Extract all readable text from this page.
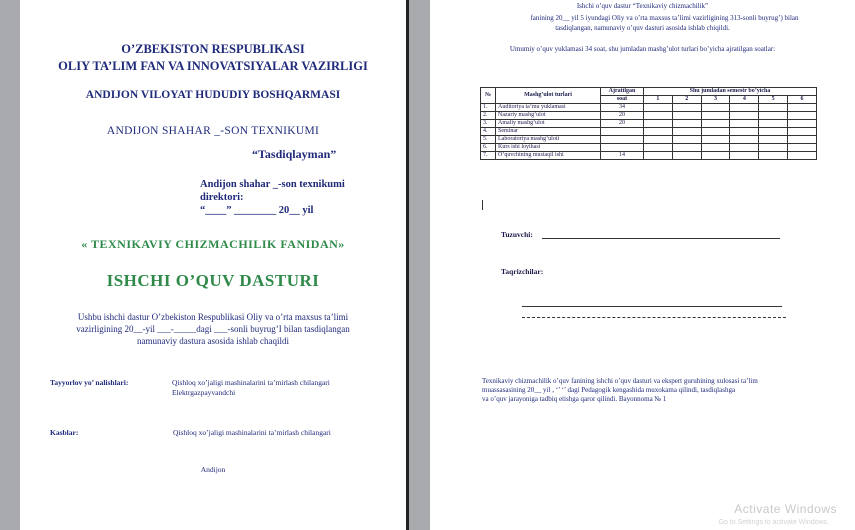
O’ZBEKISTON RESPUBLIKASI
OLIY TA’LIM FAN VA INNOVATSIYALAR VAZIRLIGI
ANDIJON VILOYAT HUDUDIY BOSHQARMASI
ANDIJON SHAHAR _-SON TEXNIKUMI
“Tasdiqlayman”
Andijon shahar _-son texnikumi
direktori:
“____” ________ 20__ yil
« TEXNIKAVIY CHIZMACHILIK FANIDAN»
ISHCHI O’QUV DASTURI
Ushbu ishchi dastur O’zbekiston Respublikasi Oliy va o’rta maxsus ta’limi
vazirligining 20__-yil ___-_____dagi ___-sonli buyrug’I bilan tasdiqlangan
namunaviy dastura asosida ishlab chaqildi
Tayyorlov yo’ nalishlari:	Qishloq xo’jaligi mashinalarini ta’mirlash chilangari
Elektrgazpayvandchi
Kasblar:	Qishloq xo’jaligi mashinalarini ta’mirlash chilangari
Andijon
Ishchi o’quv dastur “Texnikaviy chizmachilik”
fanining 20__ yil 5 iyundagi Oliy va o’rta maxsus ta’limi vazirligining 313-sonli buyrug’) bilan
tasdiqlangan, namunaviy o’quv dasturi asosida ishlab chiqildi.
Umumiy o’quv yuklamasi 34 soat, shu jumladan mashg’ulot turlari bo’yicha ajratilgan soatlar:
№	Mashg’ulot turlari	Ajratilgan	Shu jumladan semestr bo’yicha					
		soat	1	2	3	4	5	6
1.	Auditoriya ta’mu yuklamasi	34						
2.	Nazariy mashg’ulot	20						
3.	Amaliy mashg’ulot	20						
4.	Seminar							
5.	Laboratoriya mashg’uloti							
6.	Kurs ishi loyihasi							
7.	O’quvchining mustaqil ishi	14						
Tuzuvchi:
Taqrizchilar:
Texnikaviy chizmachilik o’quv fanining ishchi o’quv dasturi va ekspert guruhining xulosasi ta’lim
muassasasining 20__ yil , ‘’ ‘’ dagi Pedagogik kengashida muxokama qilindi, tasdiqlashga
va o’quv jarayoniga tadbiq etishga qaror qilindi. Bayonnoma № 1
Activate Windows
Go to Settings to activate Windows.
